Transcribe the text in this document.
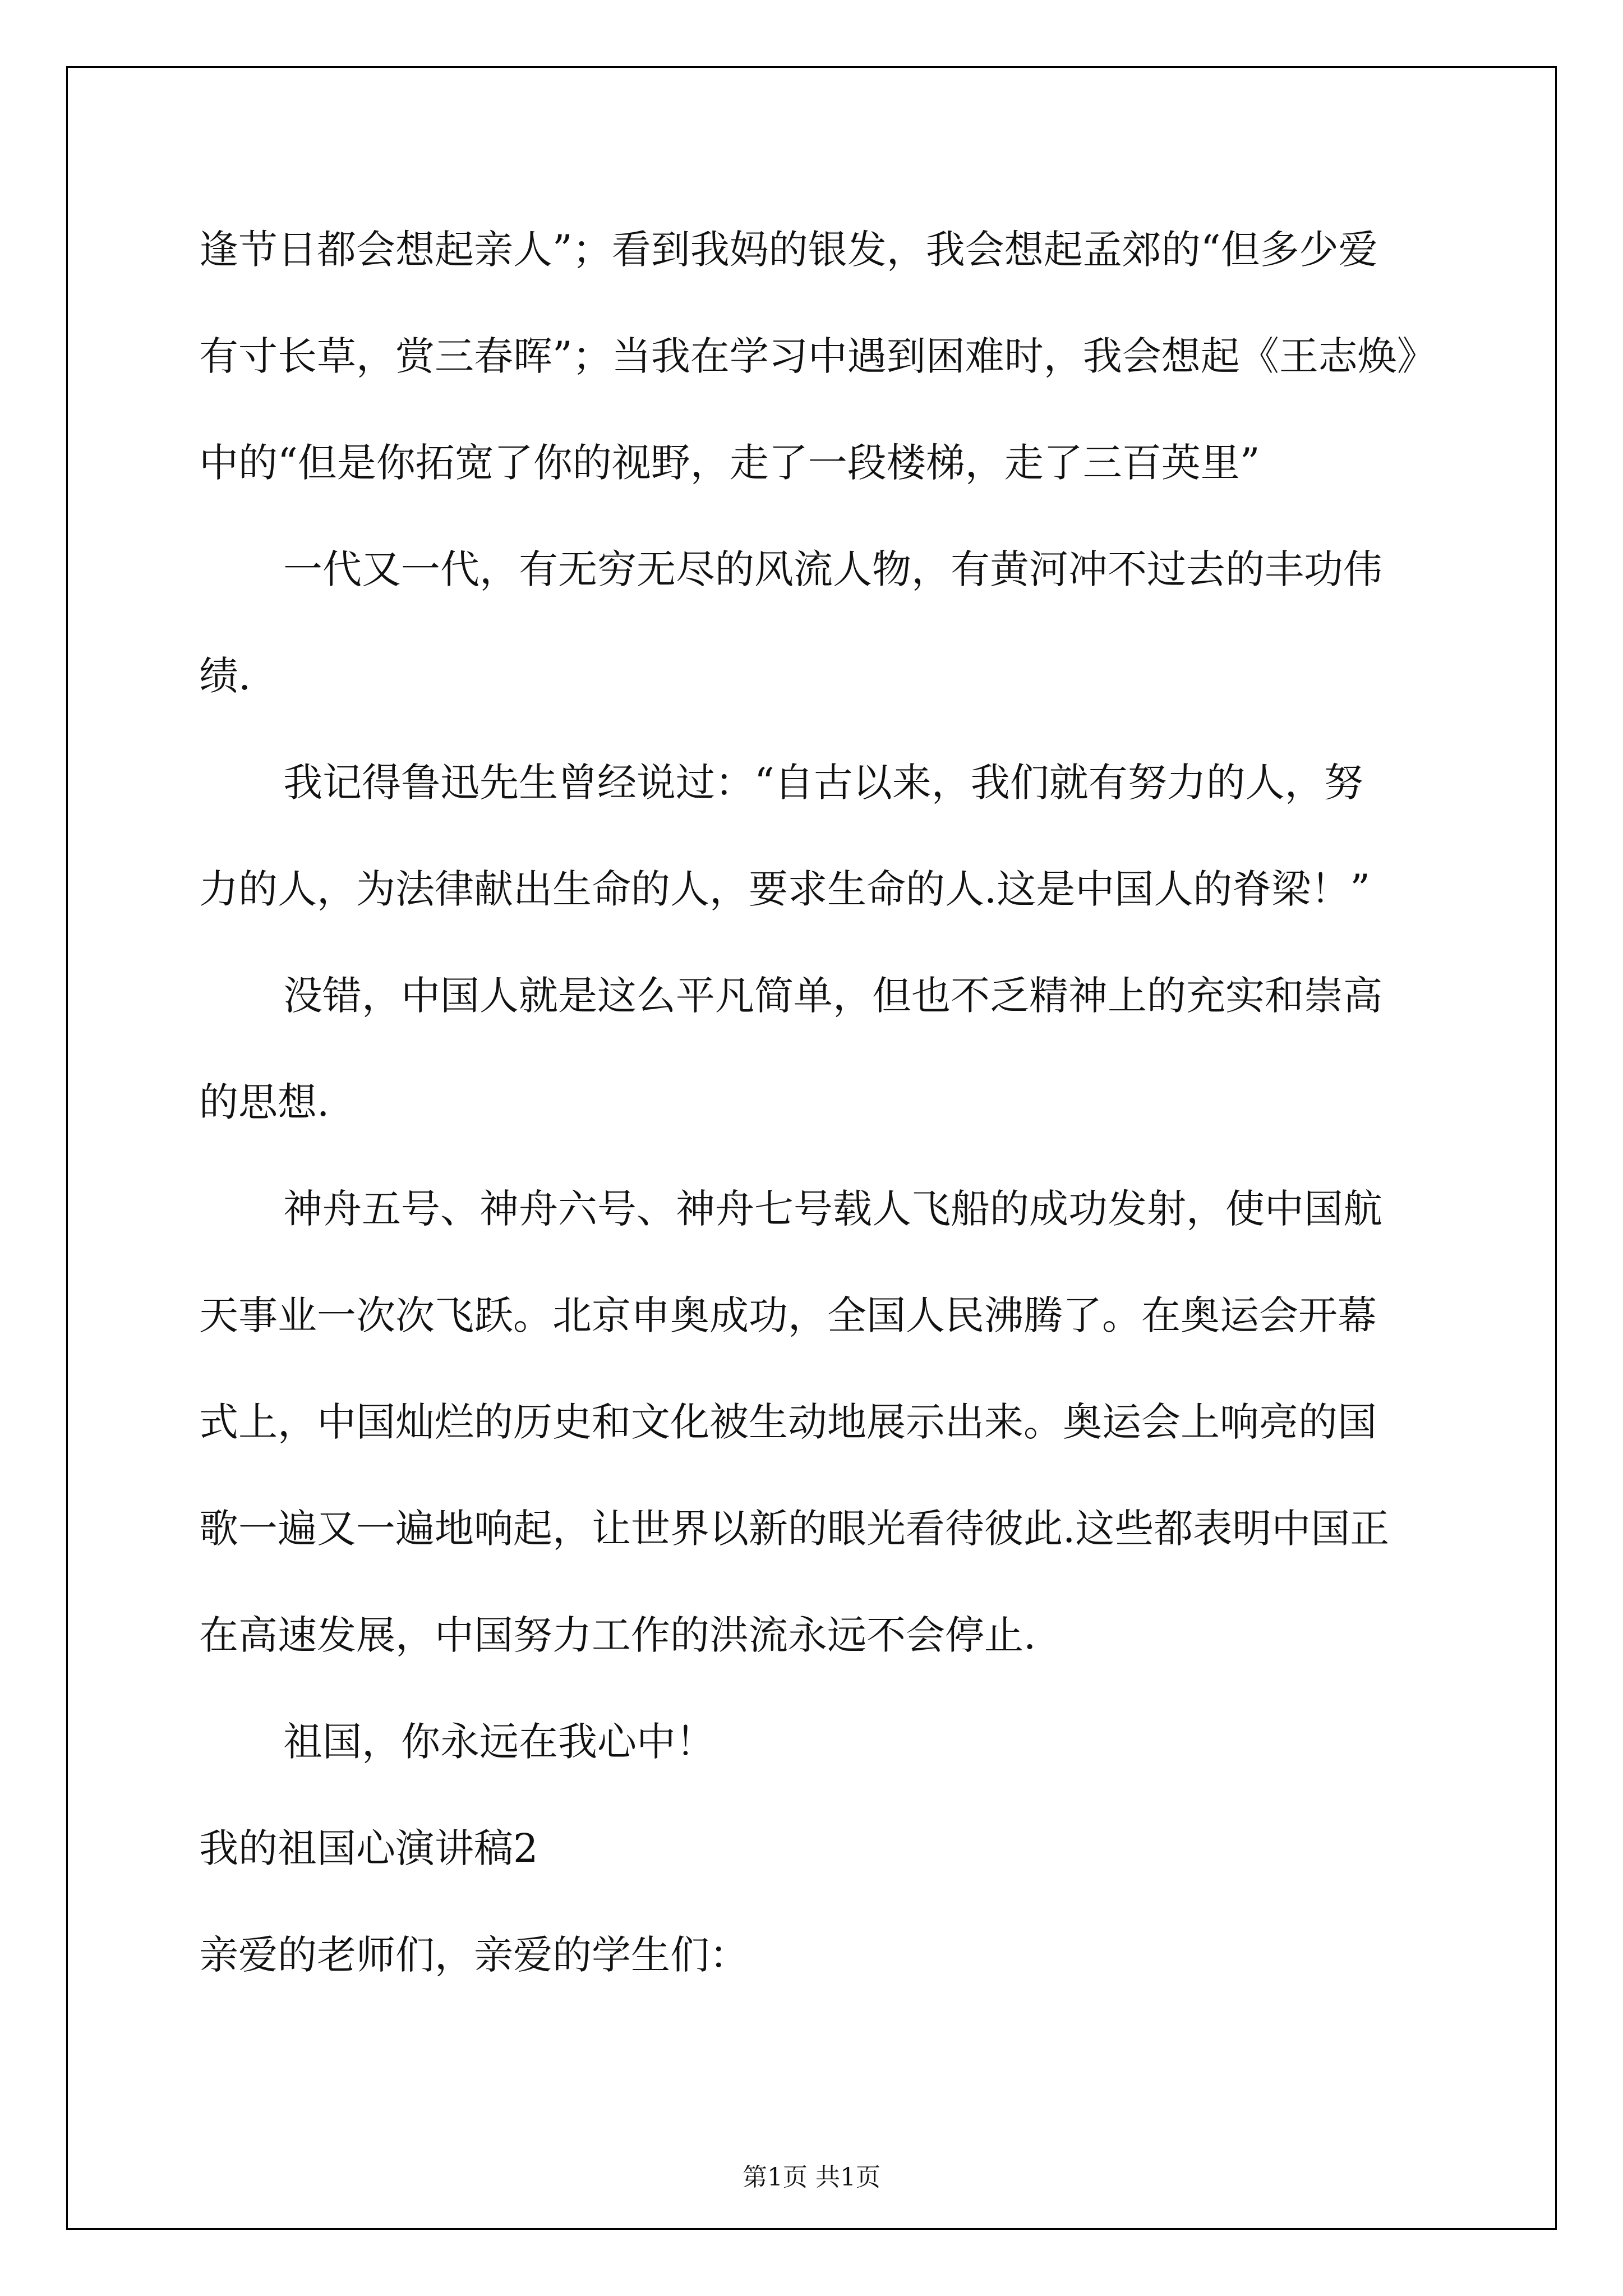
逢节日都会想起亲人”；看到我妈的银发，我会想起孟郊的“但多少爱
有寸长草，赏三春晖”；当我在学习中遇到困难时，我会想起《王志焕》
中的“但是你拓宽了你的视野，走了一段楼梯，走了三百英里”
一代又一代，有无穷无尽的风流人物，有黄河冲不过去的丰功伟
绩.
我记得鲁迅先生曾经说过：“自古以来，我们就有努力的人，努
力的人，为法律献出生命的人，要求生命的人.这是中国人的脊梁！”
没错，中国人就是这么平凡简单，但也不乏精神上的充实和崇高
的思想.
神舟五号、神舟六号、神舟七号载人飞船的成功发射，使中国航
天事业一次次飞跃。北京申奥成功，全国人民沸腾了。在奥运会开幕
式上，中国灿烂的历史和文化被生动地展示出来。奥运会上响亮的国
歌一遍又一遍地响起，让世界以新的眼光看待彼此.这些都表明中国正
在高速发展，中国努力工作的洪流永远不会停止.
祖国，你永远在我心中！
我的祖国心演讲稿2
亲爱的老师们，亲爱的学生们：
第1页 共1页
